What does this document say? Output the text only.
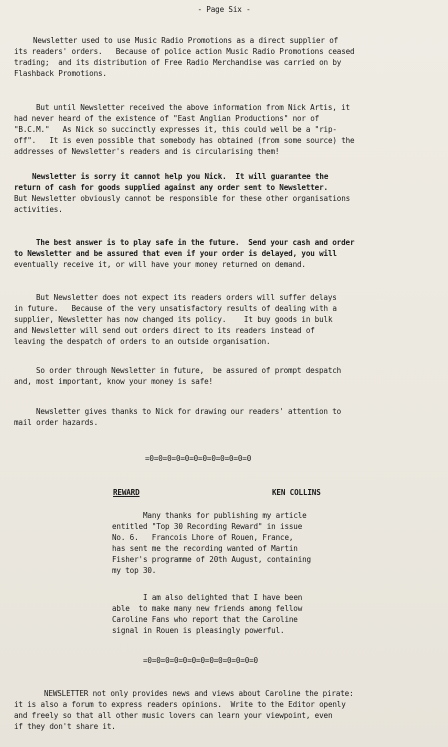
- Page Six -
Newsletter used to use Music Radio Promotions as a direct supplier of
its readers' orders.   Because of police action Music Radio Promotions ceased
trading;  and its distribution of Free Radio Merchandise was carried on by
Flashback Promotions.
But until Newsletter received the above information from Nick Artis, it
had never heard of the existence of "East Anglian Productions" nor of
"B.C.M."   As Nick so succinctly expresses it, this could well be a "rip-
off".   It is even possible that somebody has obtained (from some source) the
addresses of Newsletter's readers and is circularising them!
Newsletter is sorry it cannot help you Nick.  It will guarantee the
return of cash for goods supplied against any order sent to Newsletter.
But Newsletter obviously cannot be responsible for these other organisations
activities.
The best answer is to play safe in the future.  Send your cash and order
to Newsletter and be assured that even if your order is delayed, you will
eventually receive it, or will have your money returned on demand.
But Newsletter does not expect its readers orders will suffer delays
in future.   Because of the very unsatisfactory results of dealing with a
supplier, Newsletter has now changed its policy.    It buy goods in bulk
and Newsletter will send out orders direct to its readers instead of
leaving the despatch of orders to an outside organisation.
So order through Newsletter in future,  be assured of prompt despatch
and, most important, know your money is safe!
Newsletter gives thanks to Nick for drawing our readers' attention to
mail order hazards.
=0=0=0=0=0=0=0=0=0=0=0=0
REWARD	KEN COLLINS
Many thanks for publishing my article
entitled "Top 30 Recording Reward" in issue
No. 6.   Francois Lhore of Rouen, France,
has sent me the recording wanted of Martin
Fisher's programme of 20th August, containing
my top 30.
I am also delighted that I have been
able  to make many new friends among fellow
Caroline Fans who report that the Caroline
signal in Rouen is pleasingly powerful.
=0=0=0=0=0=0=0=0=0=0=0=0=0
NEWSLETTER not only provides news and views about Caroline the pirate:
it is also a forum to express readers opinions.  Write to the Editor openly
and freely so that all other music lovers can learn your viewpoint, even
if they don't share it.
